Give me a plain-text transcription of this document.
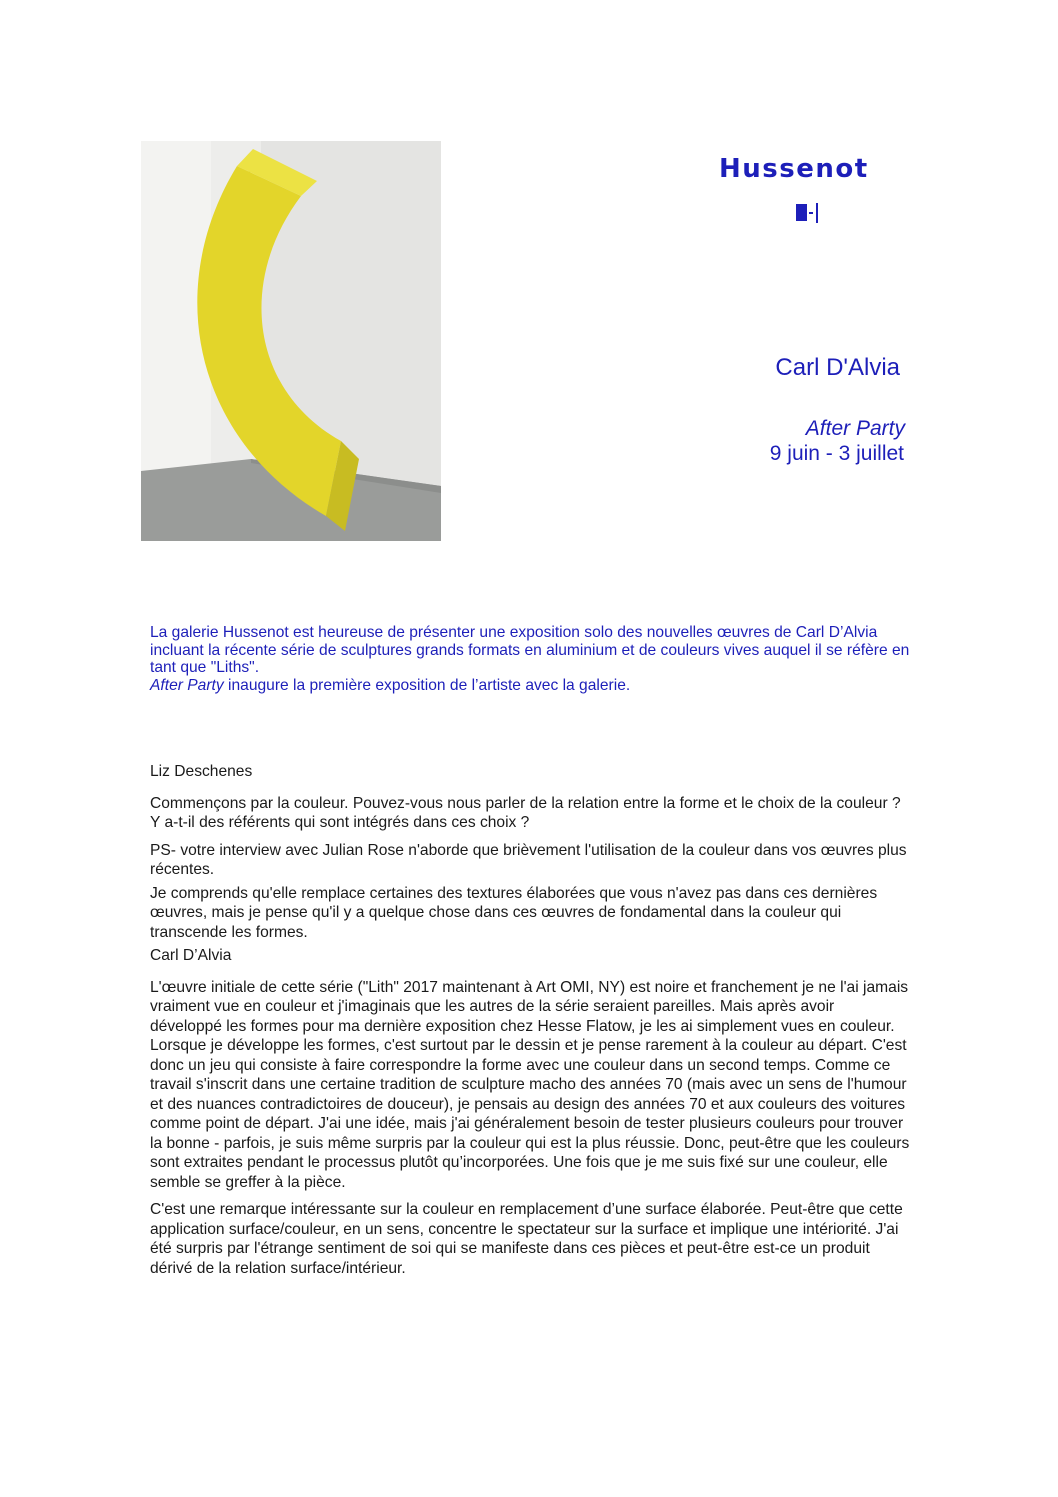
Hussenot
Carl D'Alvia
After Party
9 juin - 3 juillet

La galerie Hussenot est heureuse de présenter une exposition solo des nouvelles œuvres de Carl D’Alvia incluant la récente série de sculptures grands formats en aluminium et de couleurs vives auquel il se réfère en tant que "Liths".

After Party inaugure la première exposition de l’artiste avec la galerie.

Liz Deschenes

Commençons par la couleur. Pouvez-vous nous parler de la relation entre la forme et le choix de la couleur ?Y a-t-il des référents qui sont intégrés dans ces choix ?

PS- votre interview avec Julian Rose n'aborde que brièvement l'utilisation de la couleur dans vos œuvres plus récentes.

Je comprends qu'elle remplace certaines des textures élaborées que vous n'avez pas dans ces dernières œuvres, mais je pense qu'il y a quelque chose dans ces œuvres de fondamental dans la couleur qui transcende les formes.

Carl D’Alvia

L'œuvre initiale de cette série ("Lith" 2017 maintenant à Art OMI, NY) est noire et franchement je ne l'ai jamais vraiment vue en couleur et j'imaginais que les autres de la série seraient pareilles. Mais après avoir développé les formes pour ma dernière exposition chez Hesse Flatow, je les ai simplement vues en couleur. Lorsque je développe les formes, c'est surtout par le dessin et je pense rarement à la couleur au départ. C'est donc un jeu qui consiste à faire correspondre la forme avec une couleur dans un second temps. Comme ce travail s'inscrit dans une certaine tradition de sculpture macho des années 70 (mais avec un sens de l'humour et des nuances contradictoires de douceur), je pensais au design des années 70 et aux couleurs des voitures comme point de départ. J'ai une idée, mais j'ai généralement besoin de tester plusieurs couleurs pour trouver la bonne - parfois, je suis même surpris par la couleur qui est la plus réussie. Donc, peut-être que les couleurs sont extraites pendant le processus plutôt qu’incorporées. Une fois que je me suis fixé sur une couleur, elle semble se greffer à la pièce.

C'est une remarque intéressante sur la couleur en remplacement d’une surface élaborée. Peut-être que cette application surface/couleur, en un sens, concentre le spectateur sur la surface et implique une intériorité. J'ai été surpris par l'étrange sentiment de soi qui se manifeste dans ces pièces et peut-être est-ce un produit dérivé de la relation surface/intérieur.
